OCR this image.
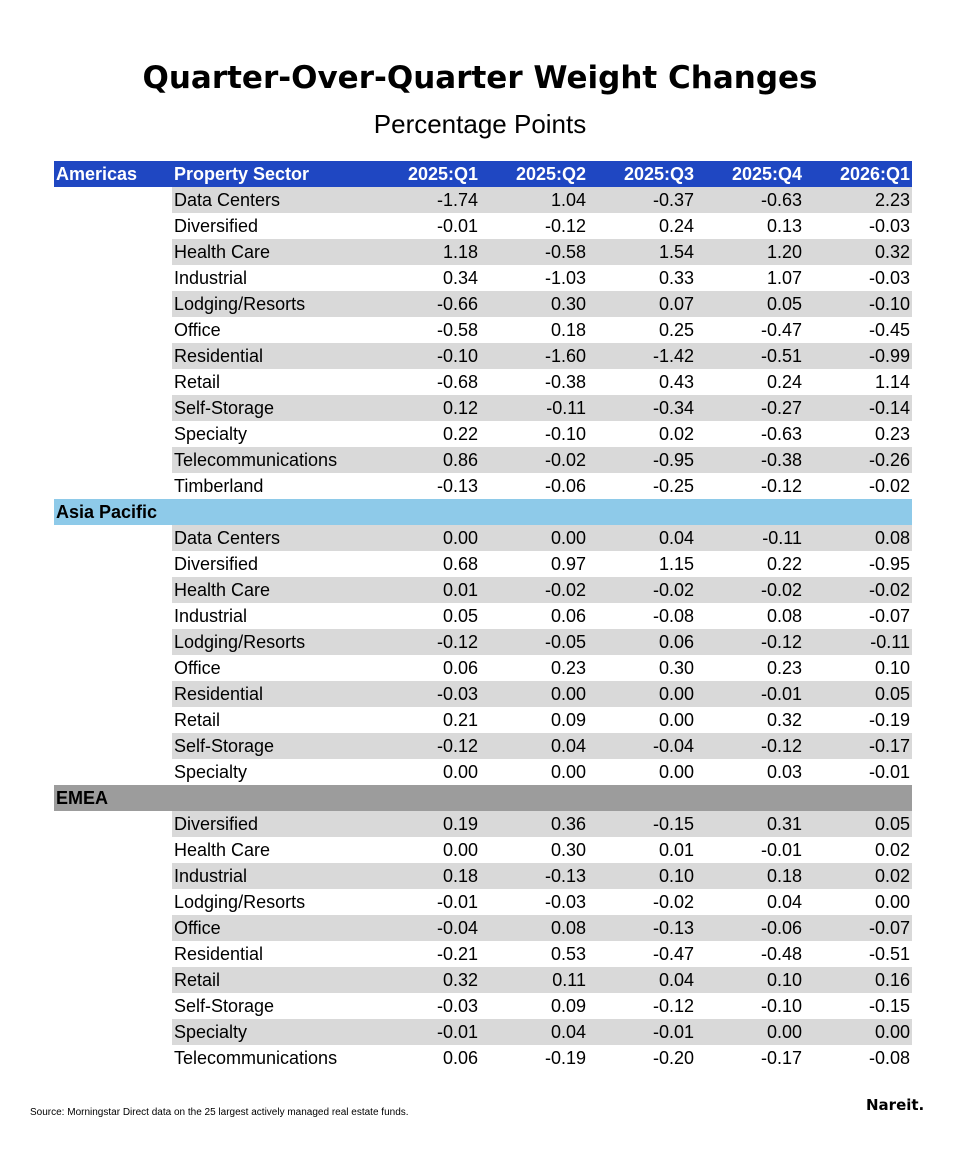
Quarter-Over-Quarter Weight Changes
Percentage Points
Americas	Property Sector	2025:Q1	2025:Q2	2025:Q3	2025:Q4	2026:Q1
	Data Centers	-1.74	1.04	-0.37	-0.63	2.23
	Diversified	-0.01	-0.12	0.24	0.13	-0.03
	Health Care	1.18	-0.58	1.54	1.20	0.32
	Industrial	0.34	-1.03	0.33	1.07	-0.03
	Lodging/Resorts	-0.66	0.30	0.07	0.05	-0.10
	Office	-0.58	0.18	0.25	-0.47	-0.45
	Residential	-0.10	-1.60	-1.42	-0.51	-0.99
	Retail	-0.68	-0.38	0.43	0.24	1.14
	Self-Storage	0.12	-0.11	-0.34	-0.27	-0.14
	Specialty	0.22	-0.10	0.02	-0.63	0.23
	Telecommunications	0.86	-0.02	-0.95	-0.38	-0.26
	Timberland	-0.13	-0.06	-0.25	-0.12	-0.02
Asia Pacific						
	Data Centers	0.00	0.00	0.04	-0.11	0.08
	Diversified	0.68	0.97	1.15	0.22	-0.95
	Health Care	0.01	-0.02	-0.02	-0.02	-0.02
	Industrial	0.05	0.06	-0.08	0.08	-0.07
	Lodging/Resorts	-0.12	-0.05	0.06	-0.12	-0.11
	Office	0.06	0.23	0.30	0.23	0.10
	Residential	-0.03	0.00	0.00	-0.01	0.05
	Retail	0.21	0.09	0.00	0.32	-0.19
	Self-Storage	-0.12	0.04	-0.04	-0.12	-0.17
	Specialty	0.00	0.00	0.00	0.03	-0.01
EMEA						
	Diversified	0.19	0.36	-0.15	0.31	0.05
	Health Care	0.00	0.30	0.01	-0.01	0.02
	Industrial	0.18	-0.13	0.10	0.18	0.02
	Lodging/Resorts	-0.01	-0.03	-0.02	0.04	0.00
	Office	-0.04	0.08	-0.13	-0.06	-0.07
	Residential	-0.21	0.53	-0.47	-0.48	-0.51
	Retail	0.32	0.11	0.04	0.10	0.16
	Self-Storage	-0.03	0.09	-0.12	-0.10	-0.15
	Specialty	-0.01	0.04	-0.01	0.00	0.00
	Telecommunications	0.06	-0.19	-0.20	-0.17	-0.08
Source: Morningstar Direct data on the 25 largest actively managed real estate funds.	Nareit.
